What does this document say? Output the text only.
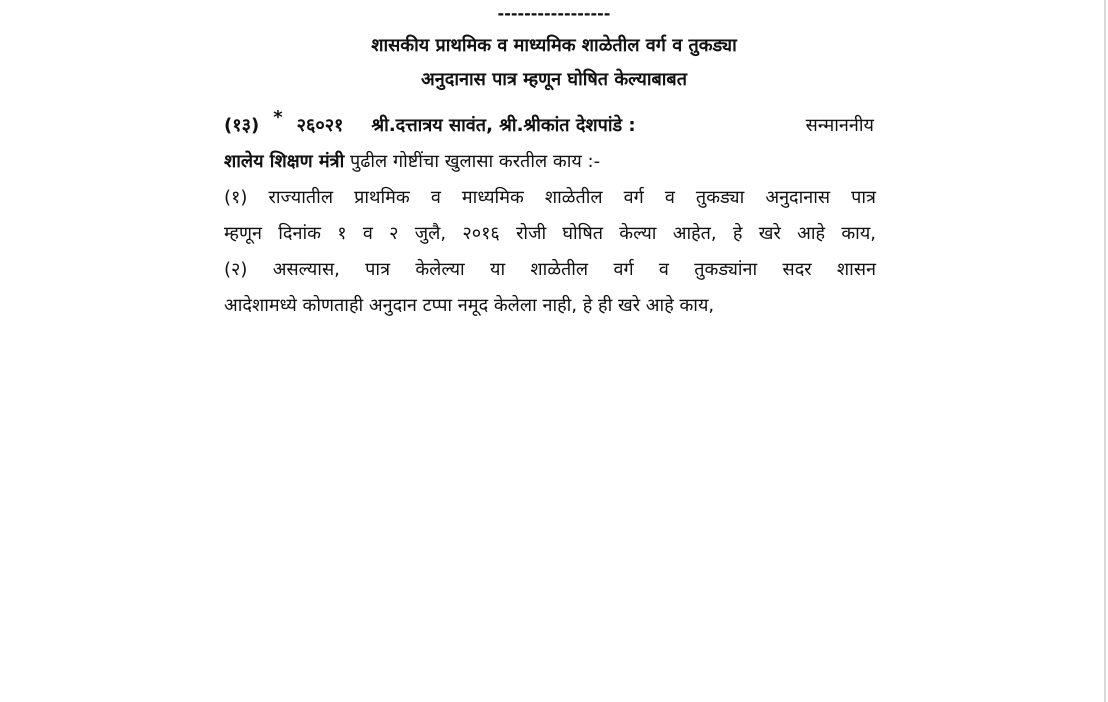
-----------------
शासकीय प्राथमिक व माध्यमिक शाळेतील वर्ग व तुकड्या
अनुदानास पात्र म्हणून घोषित केल्याबाबत
(१३) * २६०२१ श्री.दत्तात्रय सावंत, श्री.श्रीकांत देशपांडे :	सन्माननीय
शालेय शिक्षण मंत्री पुढील गोष्टींचा खुलासा करतील काय :-
(१) राज्यातील प्राथमिक व माध्यमिक शाळेतील वर्ग व तुकड्या अनुदानास पात्र
म्हणून दिनांक १ व २ जुलै, २०१६ रोजी घोषित केल्या आहेत, हे खरे आहे काय,
(२) असल्यास, पात्र केलेल्या या शाळेतील वर्ग व तुकड्यांना सदर शासन
आदेशामध्ये कोणताही अनुदान टप्पा नमूद केलेला नाही, हे ही खरे आहे काय,
